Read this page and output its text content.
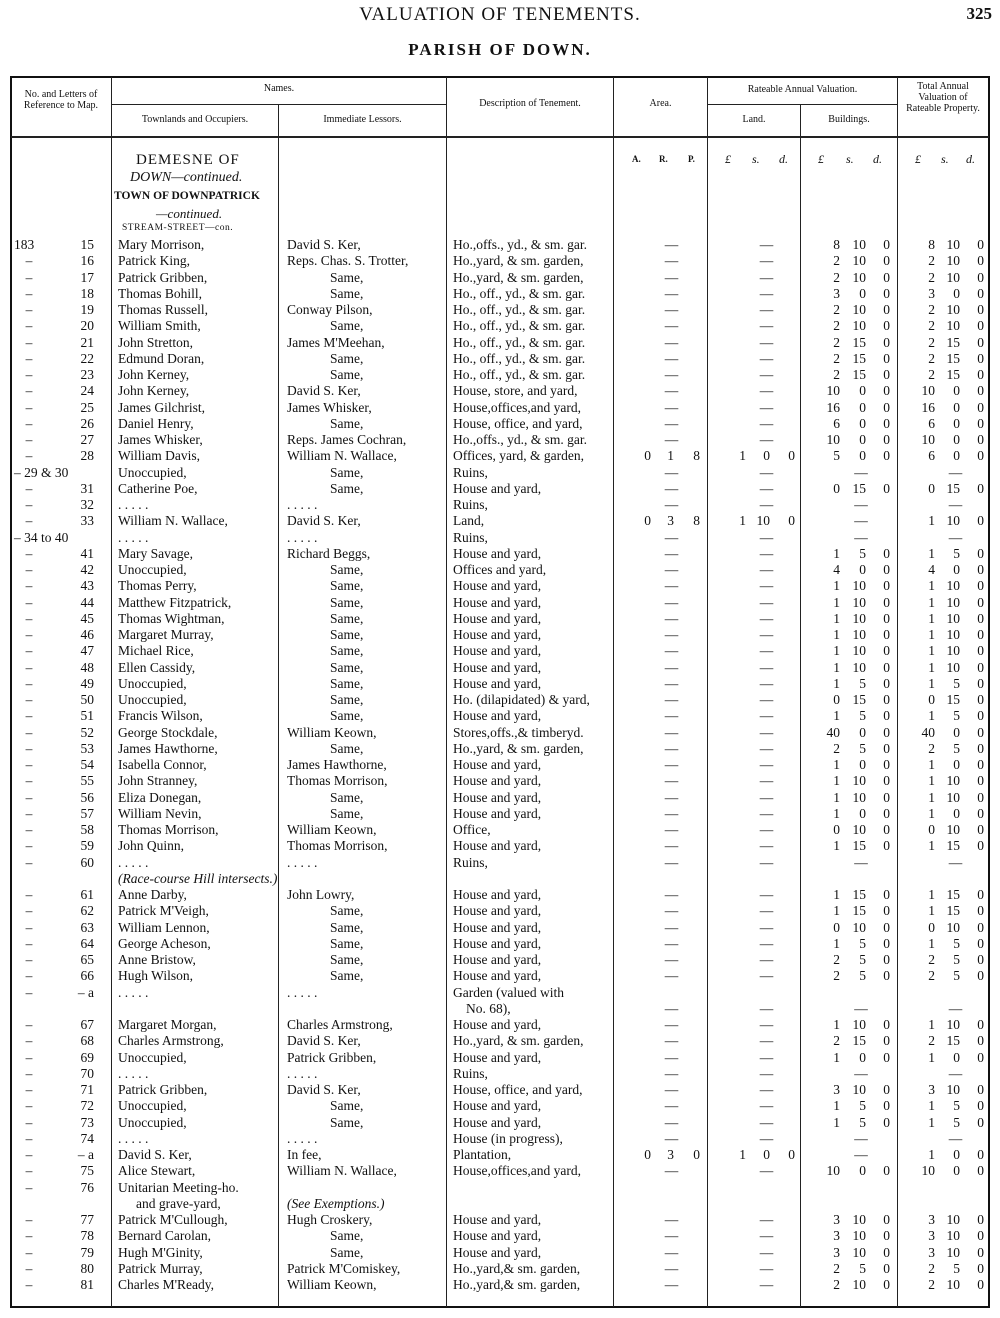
VALUATION OF TENEMENTS.	325
PARISH OF DOWN.
No. and Letters of Reference to Map.
Names.
Townlands and Occupiers.	Immediate Lessors.
Description of Tenement.	Area.
Rateable Annual Valuation.
Land.	Buildings.
Total Annual Valuation of Rateable Property.
A. R. P.	£ s. d.	£ s. d.	£ s. d.
DEMESNE OF
DOWN—continued.
TOWN OF DOWNPATRICK
—continued.
STREAM-STREET—con.
183	15 Mary Morrison,	David S. Ker,	Ho.,offs., yd., & sm. gar.	—	—	8 10	0	8 10	0
–	16 Patrick King,	Reps. Chas. S. Trotter,	Ho.,yard, & sm. garden,	—	—	2 10	0	2 10	0
–	17 Patrick Gribben,	Same,	Ho.,yard, & sm. garden,	—	—	2 10	0	2 10	0
–	18 Thomas Bohill,	Same,	Ho., off., yd., & sm. gar.	—	—	3	0	0	3	0	0
–	19 Thomas Russell,	Conway Pilson,	Ho., off., yd., & sm. gar.	—	—	2 10	0	2 10	0
–	20 William Smith,	Same,	Ho., off., yd., & sm. gar.	—	—	2 10	0	2 10	0
–	21 John Stretton,	James M'Meehan,	Ho., off., yd., & sm. gar.	—	—	2 15	0	2 15	0
–	22 Edmund Doran,	Same,	Ho., off., yd., & sm. gar.	—	—	2 15	0	2 15	0
–	23 John Kerney,	Same,	Ho., off., yd., & sm. gar.	—	—	2 15	0	2 15	0
–	24 John Kerney,	David S. Ker,	House, store, and yard,	—	—	10	0	0	10	0	0
–	25 James Gilchrist,	James Whisker,	House,offices,and yard,	—	—	16	0	0	16	0	0
–	26 Daniel Henry,	Same,	House, office, and yard,	—	—	6	0	0	6	0	0
–	27 James Whisker,	Reps. James Cochran,	Ho.,offs., yd., & sm. gar.	—	—	10	0	0	10	0	0
–	28 William Davis,	William N. Wallace,	Offices, yard, & garden,	0	1	8	1	0	0	5	0	0	6	0	0
– 29 & 30	Unoccupied,	Same,	Ruins,	—	—	—	—
–	31 Catherine Poe,	Same,	House and yard,	—	—	0 15	0	0 15	0
–	32 . . . . .	. . . . .	Ruins,	—	—	—	—
–	33 William N. Wallace,	David S. Ker,	Land,	0	3	8	1 10	0	—	1 10	0
– 34 to 40	. . . . .	. . . . .	Ruins,	—	—	—	—
–	41 Mary Savage,	Richard Beggs,	House and yard,	—	—	1	5	0	1	5	0
–	42 Unoccupied,	Same,	Offices and yard,	—	—	4	0	0	4	0	0
–	43 Thomas Perry,	Same,	House and yard,	—	—	1 10	0	1 10	0
–	44 Matthew Fitzpatrick,	Same,	House and yard,	—	—	1 10	0	1 10	0
–	45 Thomas Wightman,	Same,	House and yard,	—	—	1 10	0	1 10	0
–	46 Margaret Murray,	Same,	House and yard,	—	—	1 10	0	1 10	0
–	47 Michael Rice,	Same,	House and yard,	—	—	1 10	0	1 10	0
–	48 Ellen Cassidy,	Same,	House and yard,	—	—	1 10	0	1 10	0
–	49 Unoccupied,	Same,	House and yard,	—	—	1	5	0	1	5	0
–	50 Unoccupied,	Same,	Ho. (dilapidated) & yard,	—	—	0 15	0	0 15	0
–	51 Francis Wilson,	Same,	House and yard,	—	—	1	5	0	1	5	0
–	52 George Stockdale,	William Keown,	Stores,offs.,& timberyd.	—	—	40	0	0	40	0	0
–	53 James Hawthorne,	Same,	Ho.,yard, & sm. garden,	—	—	2	5	0	2	5	0
–	54 Isabella Connor,	James Hawthorne,	House and yard,	—	—	1	0	0	1	0	0
–	55 John Stranney,	Thomas Morrison,	House and yard,	—	—	1 10	0	1 10	0
–	56 Eliza Donegan,	Same,	House and yard,	—	—	1 10	0	1 10	0
–	57 William Nevin,	Same,	House and yard,	—	—	1	0	0	1	0	0
–	58 Thomas Morrison,	William Keown,	Office,	—	—	0 10	0	0 10	0
–	59 John Quinn,	Thomas Morrison,	House and yard,	—	—	1 15	0	1 15	0
–	60 . . . . .	. . . . .	Ruins,	—	—	—	—
(Race-course Hill intersects.)
–	61 Anne Darby,	John Lowry,	House and yard,	—	—	1 15	0	1 15	0
–	62 Patrick M'Veigh,	Same,	House and yard,	—	—	1 15	0	1 15	0
–	63 William Lennon,	Same,	House and yard,	—	—	0 10	0	0 10	0
–	64 George Acheson,	Same,	House and yard,	—	—	1	5	0	1	5	0
–	65 Anne Bristow,	Same,	House and yard,	—	—	2	5	0	2	5	0
–	66 Hugh Wilson,	Same,	House and yard,	—	—	2	5	0	2	5	0
–	– a . . . . .	. . . . .	Garden (valued with
No. 68),	—	—	—	—
–	67 Margaret Morgan,	Charles Armstrong,	House and yard,	—	—	1 10	0	1 10	0
–	68 Charles Armstrong,	David S. Ker,	Ho.,yard, & sm. garden,	—	—	2 15	0	2 15	0
–	69 Unoccupied,	Patrick Gribben,	House and yard,	—	—	1	0	0	1	0	0
–	70 . . . . .	. . . . .	Ruins,	—	—	—	—
–	71 Patrick Gribben,	David S. Ker,	House, office, and yard,	—	—	3 10	0	3 10	0
–	72 Unoccupied,	Same,	House and yard,	—	—	1	5	0	1	5	0
–	73 Unoccupied,	Same,	House and yard,	—	—	1	5	0	1	5	0
–	74 . . . . .	. . . . .	House (in progress),	—	—	—	—
–	– a David S. Ker,	In fee,	Plantation,	0	3	0	1	0	0	—	1	0	0
–	75 Alice Stewart,	William N. Wallace,	House,offices,and yard,	—	—	10	0	0	10	0	0
–	76 Unitarian Meeting-ho.
and grave-yard,	(See Exemptions.)
–	77 Patrick M'Cullough,	Hugh Croskery,	House and yard,	—	—	3 10	0	3 10	0
–	78 Bernard Carolan,	Same,	House and yard,	—	—	3 10	0	3 10	0
–	79 Hugh M'Ginity,	Same,	House and yard,	—	—	3 10	0	3 10	0
–	80 Patrick Murray,	Patrick M'Comiskey,	Ho.,yard,& sm. garden,	—	—	2	5	0	2	5	0
–	81 Charles M'Ready,	William Keown,	Ho.,yard,& sm. garden,	—	—	2 10	0	2 10	0
